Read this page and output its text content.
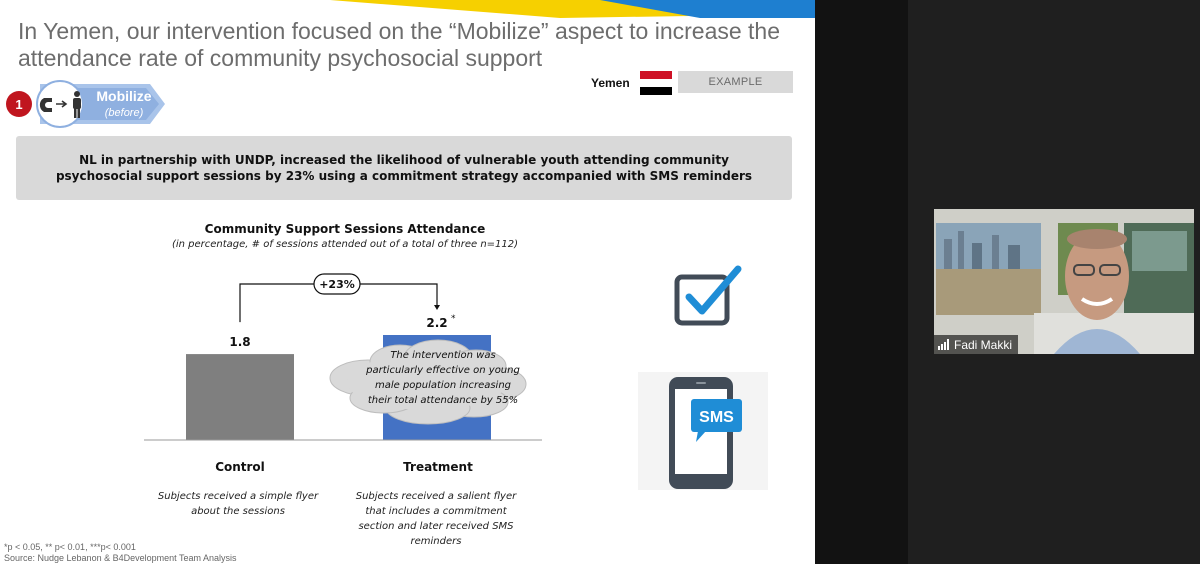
In Yemen, our intervention focused on the “Mobilize” aspect to increase the attendance rate of community psychosocial support
Yemen	EXAMPLE
1	Mobilize
(before)
NL in partnership with UNDP, increased the likelihood of vulnerable youth attending community psychosocial support sessions by 23% using a commitment strategy accompanied with SMS reminders
Community Support Sessions Attendance
(in percentage, # of sessions attended out of a total of three n=112)
1.8
2.2 *
+23%
The intervention was particularly effective on young male population increasing their total attendance by 55%
Control	Treatment
Subjects received a simple flyer about the sessions
Subjects received a salient flyer that includes a commitment section and later received SMS reminders
SMS
*p < 0.05, ** p< 0.01, ***p< 0.001
Source: Nudge Lebanon & B4Development Team Analysis
Fadi Makki
